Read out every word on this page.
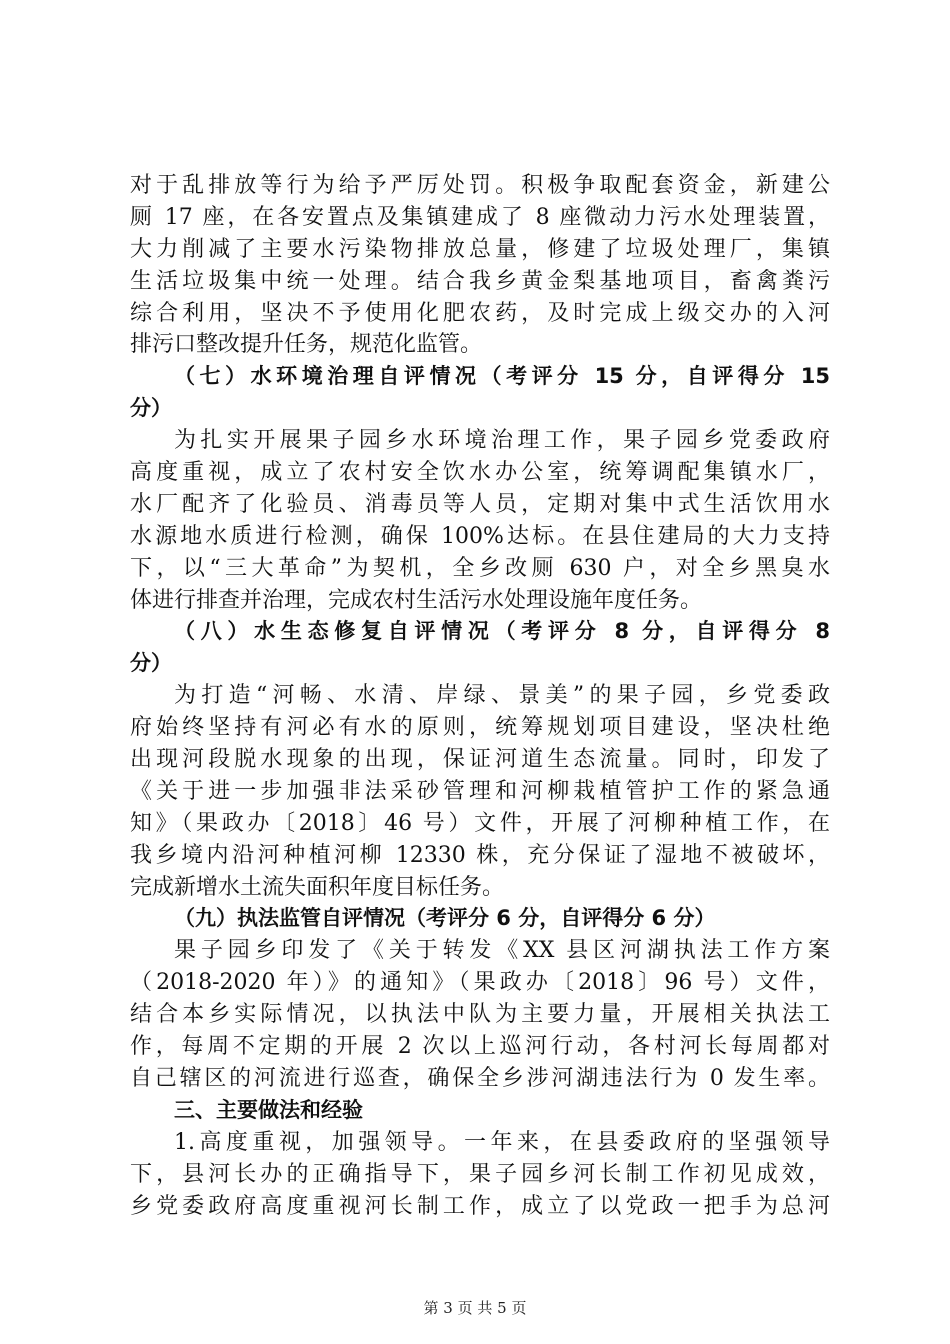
对于乱排放等行为给予严厉处罚。积极争取配套资金，新建公
厕 17 座，在各安置点及集镇建成了 8 座微动力污水处理装置，
大力削减了主要水污染物排放总量，修建了垃圾处理厂，集镇
生活垃圾集中统一处理。结合我乡黄金梨基地项目，畜禽粪污
综合利用，坚决不予使用化肥农药，及时完成上级交办的入河
排污口整改提升任务，规范化监管。
（七）水环境治理自评情况（考评分 15 分，自评得分 15
分）
为扎实开展果子园乡水环境治理工作，果子园乡党委政府
高度重视，成立了农村安全饮水办公室，统筹调配集镇水厂，
水厂配齐了化验员、消毒员等人员，定期对集中式生活饮用水
水源地水质进行检测，确保 100%达标。在县住建局的大力支持
下，以“三大革命”为契机，全乡改厕 630 户，对全乡黑臭水
体进行排查并治理，完成农村生活污水处理设施年度任务。
（八）水生态修复自评情况（考评分 8 分，自评得分 8
分）
为打造“河畅、水清、岸绿、景美”的果子园，乡党委政
府始终坚持有河必有水的原则，统筹规划项目建设，坚决杜绝
出现河段脱水现象的出现，保证河道生态流量。同时，印发了
《关于进一步加强非法采砂管理和河柳栽植管护工作的紧急通
知》（果政办〔2018〕46 号）文件，开展了河柳种植工作，在
我乡境内沿河种植河柳 12330 株，充分保证了湿地不被破坏，
完成新增水土流失面积年度目标任务。
（九）执法监管自评情况（考评分 6 分，自评得分 6 分）
果子园乡印发了《关于转发《XX 县区河湖执法工作方案
（2018-2020 年）》的通知》（果政办〔2018〕96 号）文件，
结合本乡实际情况，以执法中队为主要力量，开展相关执法工
作，每周不定期的开展 2 次以上巡河行动，各村河长每周都对
自己辖区的河流进行巡查，确保全乡涉河湖违法行为 0 发生率。
三、主要做法和经验
1.高度重视，加强领导。一年来，在县委政府的坚强领导
下，县河长办的正确指导下，果子园乡河长制工作初见成效，
乡党委政府高度重视河长制工作，成立了以党政一把手为总河
第 3 页 共 5 页
